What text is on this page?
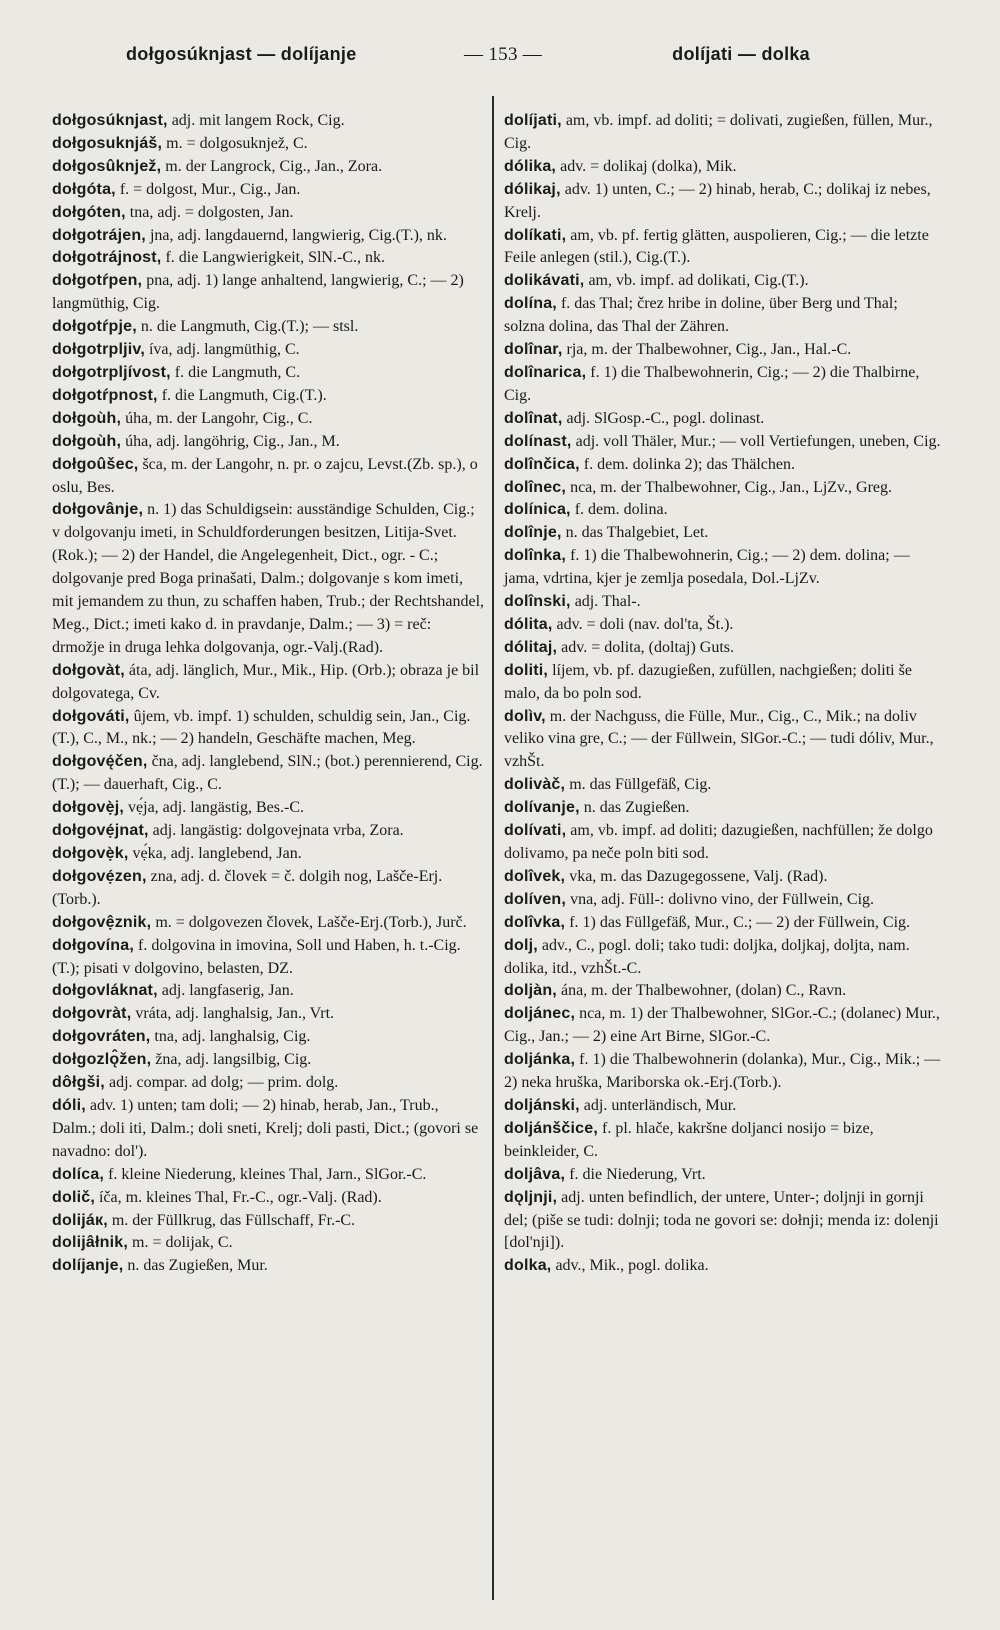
dołgosúknjast — dolíjanje	— 153 —	dolíjati — dolka
dołgosúknjast, adj. mit langem Rock, Cig.
dołgosuknjáš, m. = dolgosuknjež, C.
dołgosûknjež, m. der Langrock, Cig., Jan., Zora.
dołgóta, f. = dolgost, Mur., Cig., Jan.
dołgóten, tna, adj. = dolgosten, Jan.
dołgotrájen, jna, adj. langdauernd, langwierig, Cig.(T.), nk.
dołgotrájnost, f. die Langwierigkeit, SlN.-C., nk.
dołgotŕpen, pna, adj. 1) lange anhaltend, langwierig, C.; — 2) langmüthig, Cig.
dołgotŕpje, n. die Langmuth, Cig.(T.); — stsl.
dołgotrpljiv, íva, adj. langmüthig, C.
dołgotrpljívost, f. die Langmuth, C.
dołgotŕpnost, f. die Langmuth, Cig.(T.).
dołgoùh, úha, m. der Langohr, Cig., C.
dołgoùh, úha, adj. langöhrig, Cig., Jan., M.
dołgoûšec, šca, m. der Langohr, n. pr. o zajcu, Levst.(Zb. sp.), o oslu, Bes.
dołgovânje, n. 1) das Schuldigsein: ausständige Schulden, Cig.; v dolgovanju imeti, in Schuldforderungen besitzen, Litija-Svet.(Rok.); — 2) der Handel, die Angelegenheit, Dict., ogr. - C.; dolgovanje pred Boga prinašati, Dalm.; dolgovanje s kom imeti, mit jemandem zu thun, zu schaffen haben, Trub.; der Rechtshandel, Meg., Dict.; imeti kako d. in pravdanje, Dalm.; — 3) = reč: drmožje in druga lehka dolgovanja, ogr.-Valj.(Rad).
dołgovàt, áta, adj. länglich, Mur., Mik., Hip. (Orb.); obraza je bil dolgovatega, Cv.
dołgováti, ûjem, vb. impf. 1) schulden, schuldig sein, Jan., Cig.(T.), C., M., nk.; — 2) handeln, Geschäfte machen, Meg.
dołgovę́čen, čna, adj. langlebend, SlN.; (bot.) perennierend, Cig.(T.); — dauerhaft, Cig., C.
dołgovẹ̀j, vẹ́ja, adj. langästig, Bes.-C.
dołgovẹ́jnat, adj. langästig: dolgovejnata vrba, Zora.
dołgovẹ̀k, vẹ́ka, adj. langlebend, Jan.
dołgovẹ́zen, zna, adj. d. človek = č. dolgih nog, Lašče-Erj.(Torb.).
dołgovệznik, m. = dolgovezen človek, Lašče-Erj.(Torb.), Jurč.
dołgovína, f. dolgovina in imovina, Soll und Haben, h. t.-Cig.(T.); pisati v dolgovino, belasten, DZ.
dołgovláknat, adj. langfaserig, Jan.
dołgovràt, vráta, adj. langhalsig, Jan., Vrt.
dołgovráten, tna, adj. langhalsig, Cig.
dołgozlǫ̂žen, žna, adj. langsilbig, Cig.
dôłgši, adj. compar. ad dolg; — prim. dolg.
dóli, adv. 1) unten; tam doli; — 2) hinab, herab, Jan., Trub., Dalm.; doli iti, Dalm.; doli sneti, Krelj; doli pasti, Dict.; (govori se navadno: dol').
dolíca, f. kleine Niederung, kleines Thal, Jarn., SlGor.-C.
dolič, íča, m. kleines Thal, Fr.-C., ogr.-Valj. (Rad).
dolijáк, m. der Füllkrug, das Füllschaff, Fr.-C.
dolijâłnik, m. = dolijak, C.
dolíjanje, n. das Zugießen, Mur.
dolíjati, am, vb. impf. ad doliti; = dolivati, zugießen, füllen, Mur., Cig.
dólika, adv. = dolikaj (dolka), Mik.
dólikaj, adv. 1) unten, C.; — 2) hinab, herab, C.; dolikaj iz nebes, Krelj.
dolíkati, am, vb. pf. fertig glätten, auspolieren, Cig.; — die letzte Feile anlegen (stil.), Cig.(T.).
dolikávati, am, vb. impf. ad dolikati, Cig.(T.).
dolína, f. das Thal; črez hribe in doline, über Berg und Thal; solzna dolina, das Thal der Zähren.
dolînar, rja, m. der Thalbewohner, Cig., Jan., Hal.-C.
dolînarica, f. 1) die Thalbewohnerin, Cig.; — 2) die Thalbirne, Cig.
dolînat, adj. SlGosp.-C., pogl. dolinast.
dolínast, adj. voll Thäler, Mur.; — voll Vertiefungen, uneben, Cig.
dolînčica, f. dem. dolinka 2); das Thälchen.
dolînec, nca, m. der Thalbewohner, Cig., Jan., LjZv., Greg.
dolínica, f. dem. dolina.
dolînje, n. das Thalgebiet, Let.
dolînka, f. 1) die Thalbewohnerin, Cig.; — 2) dem. dolina; — jama, vdrtina, kjer je zemlja posedala, Dol.-LjZv.
dolînski, adj. Thal-.
dólita, adv. = doli (nav. dol'ta, Št.).
dólitaj, adv. = dolita, (doltaj) Guts.
doliti, líjem, vb. pf. dazugießen, zufüllen, nachgießen; doliti še malo, da bo poln sod.
dolìv, m. der Nachguss, die Fülle, Mur., Cig., C., Mik.; na doliv veliko vina gre, C.; — der Füllwein, SlGor.-C.; — tudi dóliv, Mur., vzhŠt.
dolivàč, m. das Füllgefäß, Cig.
dolívanje, n. das Zugießen.
dolívati, am, vb. impf. ad doliti; dazugießen, nachfüllen; že dolgo dolivamo, pa neče poln biti sod.
dolîvek, vka, m. das Dazugegossene, Valj. (Rad).
dolíven, vna, adj. Füll-: dolivno vino, der Füllwein, Cig.
dolîvka, f. 1) das Füllgefäß, Mur., C.; — 2) der Füllwein, Cig.
dolj, adv., C., pogl. doli; tako tudi: doljka, doljkaj, doljta, nam. dolika, itd., vzhŠt.-C.
doljàn, ána, m. der Thalbewohner, (dolan) C., Ravn.
doljánec, nca, m. 1) der Thalbewohner, SlGor.-C.; (dolanec) Mur., Cig., Jan.; — 2) eine Art Birne, SlGor.-C.
doljánka, f. 1) die Thalbewohnerin (dolanka), Mur., Cig., Mik.; — 2) neka hruška, Mariborska ok.-Erj.(Torb.).
doljánski, adj. unterländisch, Mur.
doljánščice, f. pl. hlače, kakršne doljanci nosijo = bize, beinkleider, C.
doljâva, f. die Niederung, Vrt.
dǫljnji, adj. unten befindlich, der untere, Unter-; doljnji in gornji del; (piše se tudi: dolnji; toda ne govori se: dołnji; menda iz: dolenji [dol'nji]).
dolka, adv., Mik., pogl. dolika.
